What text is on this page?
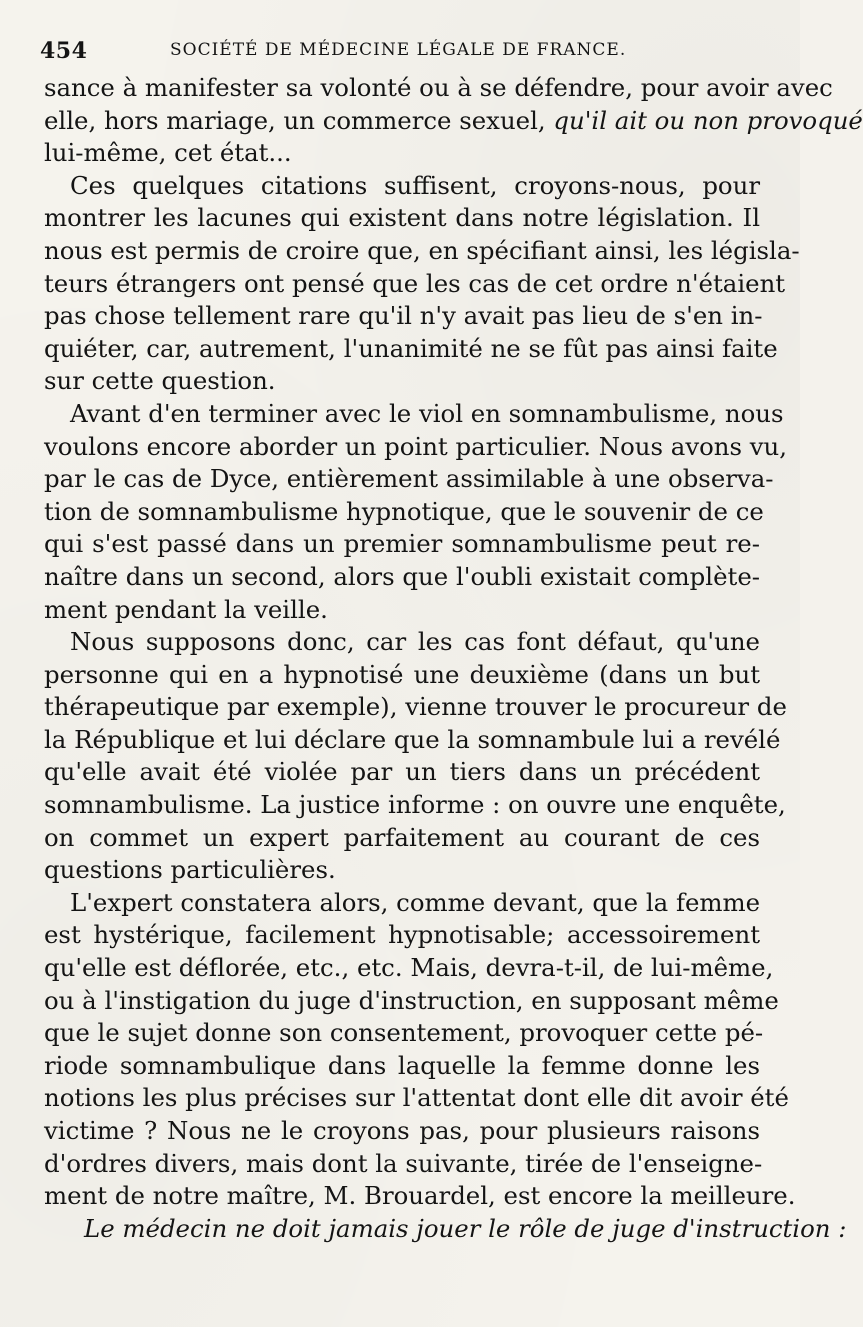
454	SOCIÉTÉ DE MÉDECINE LÉGALE DE FRANCE.
sance à manifester sa volonté ou à se défendre, pour avoir avec
elle, hors mariage, un commerce sexuel, qu'il ait ou non provoqué
lui-même, cet état...
Ces quelques citations suffisent, croyons-nous, pour
montrer les lacunes qui existent dans notre législation. Il
nous est permis de croire que, en spécifiant ainsi, les législa-
teurs étrangers ont pensé que les cas de cet ordre n'étaient
pas chose tellement rare qu'il n'y avait pas lieu de s'en in-
quiéter, car, autrement, l'unanimité ne se fût pas ainsi faite
sur cette question.
Avant d'en terminer avec le viol en somnambulisme, nous
voulons encore aborder un point particulier. Nous avons vu,
par le cas de Dyce, entièrement assimilable à une observa-
tion de somnambulisme hypnotique, que le souvenir de ce
qui s'est passé dans un premier somnambulisme peut re-
naître dans un second, alors que l'oubli existait complète-
ment pendant la veille.
Nous supposons donc, car les cas font défaut, qu'une
personne qui en a hypnotisé une deuxième (dans un but
thérapeutique par exemple), vienne trouver le procureur de
la République et lui déclare que la somnambule lui a revélé
qu'elle avait été violée par un tiers dans un précédent
somnambulisme. La justice informe : on ouvre une enquête,
on commet un expert parfaitement au courant de ces
questions particulières.
L'expert constatera alors, comme devant, que la femme
est hystérique, facilement hypnotisable; accessoirement
qu'elle est déflorée, etc., etc. Mais, devra-t-il, de lui-même,
ou à l'instigation du juge d'instruction, en supposant même
que le sujet donne son consentement, provoquer cette pé-
riode somnambulique dans laquelle la femme donne les
notions les plus précises sur l'attentat dont elle dit avoir été
victime ? Nous ne le croyons pas, pour plusieurs raisons
d'ordres divers, mais dont la suivante, tirée de l'enseigne-
ment de notre maître, M. Brouardel, est encore la meilleure.
Le médecin ne doit jamais jouer le rôle de juge d'instruction :
